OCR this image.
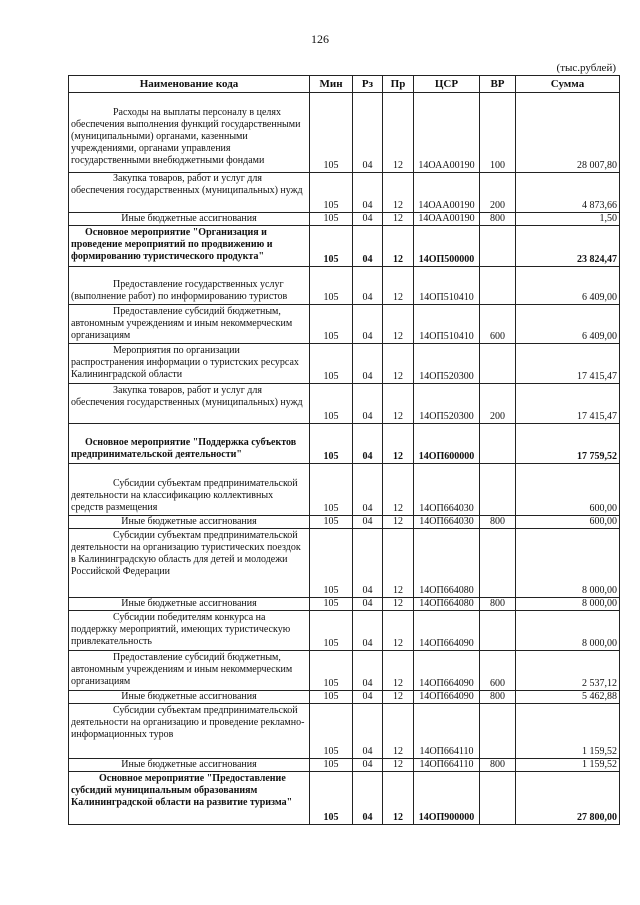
126
(тыс.рублей)
Наименование кода	Мин	Рз	Пр	ЦСР	ВР	Сумма
Расходы на выплаты персоналу в целях обеспечения выполнения функций государственными (муниципальными) органами, казенными учреждениями, органами управления государственными внебюджетными фондами	105	04	12	14ОАА00190	100	28 007,80
Закупка товаров, работ и услуг для обеспечения государственных (муниципальных) нужд	105	04	12	14ОАА00190	200	4 873,66
Иные бюджетные ассигнования	105	04	12	14ОАА00190	800	1,50
Основное мероприятие "Организация и проведение мероприятий по продвижению и формированию туристического продукта"	105	04	12	14ОП500000		23 824,47
Предоставление государственных услуг (выполнение работ) по информированию туристов	105	04	12	14ОП510410		6 409,00
Предоставление субсидий бюджетным, автономным учреждениям и иным некоммерческим организациям	105	04	12	14ОП510410	600	6 409,00
Мероприятия по организации распространения информации о туристских ресурсах Калининградской области	105	04	12	14ОП520300		17 415,47
Закупка товаров, работ и услуг для обеспечения государственных (муниципальных) нужд	105	04	12	14ОП520300	200	17 415,47
Основное мероприятие "Поддержка субъектов предпринимательской деятельности"	105	04	12	14ОП600000		17 759,52
Субсидии субъектам предпринимательской деятельности на классификацию коллективных средств размещения	105	04	12	14ОП664030		600,00
Иные бюджетные ассигнования	105	04	12	14ОП664030	800	600,00
Субсидии субъектам предпринимательской деятельности на организацию туристических поездок в Калининградскую область для детей и молодежи Российской Федерации	105	04	12	14ОП664080		8 000,00
Иные бюджетные ассигнования	105	04	12	14ОП664080	800	8 000,00
Субсидии победителям конкурса на поддержку мероприятий, имеющих туристическую привлекательность	105	04	12	14ОП664090		8 000,00
Предоставление субсидий бюджетным, автономным учреждениям и иным некоммерческим организациям	105	04	12	14ОП664090	600	2 537,12
Иные бюджетные ассигнования	105	04	12	14ОП664090	800	5 462,88
Субсидии субъектам предпринимательской деятельности на организацию и проведение рекламно-информационных туров	105	04	12	14ОП664110		1 159,52
Иные бюджетные ассигнования	105	04	12	14ОП664110	800	1 159,52
Основное мероприятие "Предоставление субсидий муниципальным образованиям Калининградской области на развитие туризма"	105	04	12	14ОП900000		27 800,00
